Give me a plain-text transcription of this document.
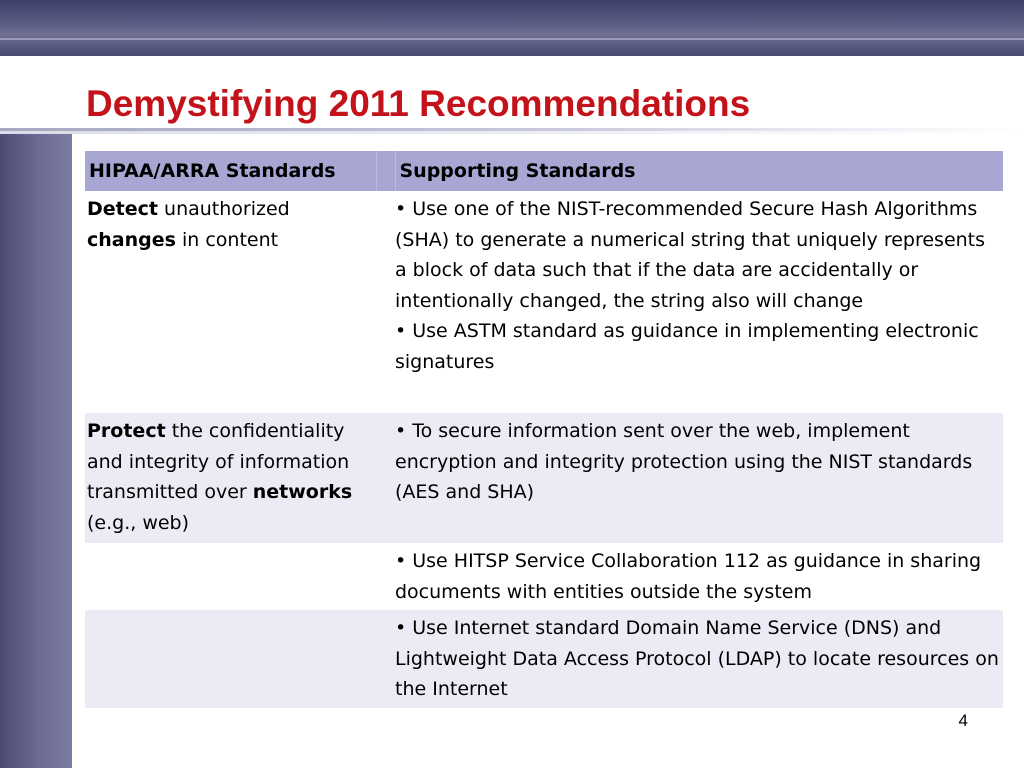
Demystifying 2011 Recommendations
HIPAA/ARRA Standards		Supporting Standards
Detect unauthorized changes in content		• Use one of the NIST-recommended Secure Hash Algorithms (SHA) to generate a numerical string that uniquely represents a block of data such that if the data are accidentally or intentionally changed, the string also will change
• Use ASTM standard as guidance in implementing electronic signatures

Protect the confidentiality and integrity of information transmitted over networks (e.g., web)		• To secure information sent over the web, implement encryption and integrity protection using the NIST standards (AES and SHA)

		• Use HITSP Service Collaboration 112 as guidance in sharing documents with entities outside the system

		• Use Internet standard Domain Name Service (DNS) and Lightweight Data Access Protocol (LDAP) to locate resources on the Internet
4
